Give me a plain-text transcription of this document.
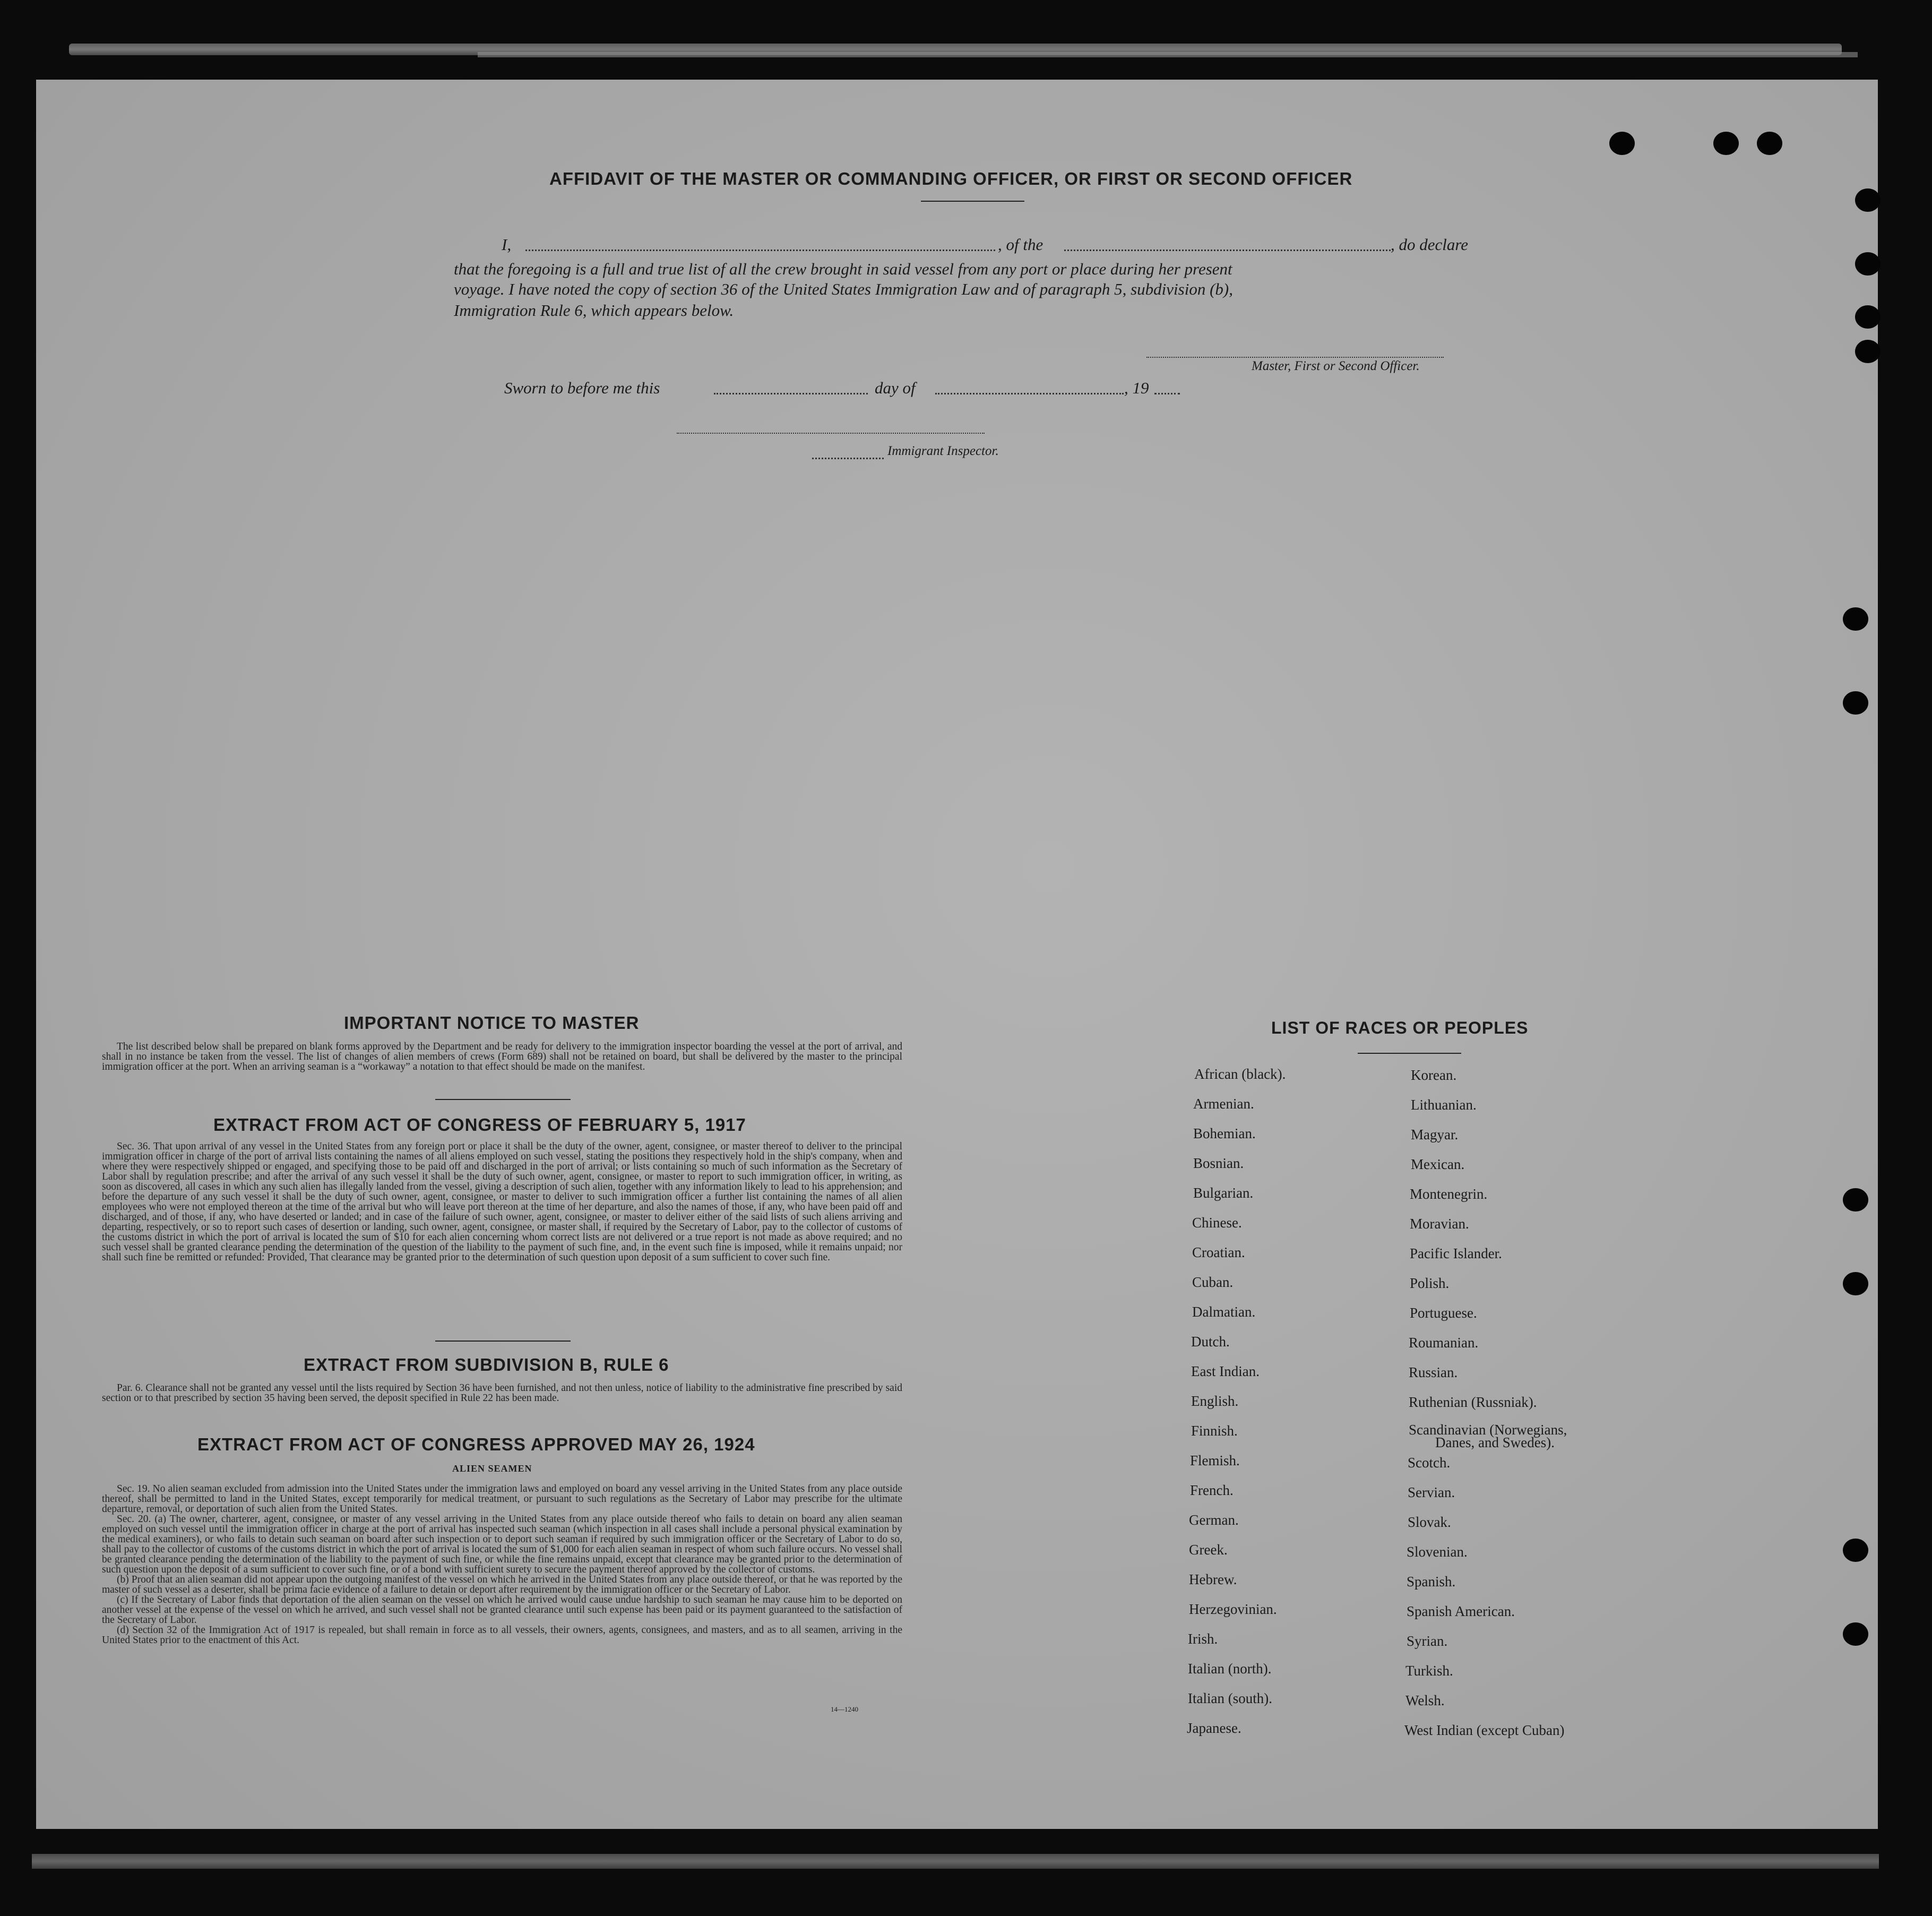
AFFIDAVIT OF THE MASTER OR COMMANDING OFFICER, OR FIRST OR SECOND OFFICER
I,	, of the	, do declare
that the foregoing is a full and true list of all the crew brought in said vessel from any port or place during her present
voyage. I have noted the copy of section 36 of the United States Immigration Law and of paragraph 5, subdivision (b),
Immigration Rule 6, which appears below.
Master, First or Second Officer.
Sworn to before me this	day of	, 19
Immigrant Inspector.
IMPORTANT NOTICE TO MASTER

The list described below shall be prepared on blank forms approved by the Department and be ready for delivery to the immigration inspector boarding the vessel at the port of arrival, and shall in no instance be taken from the vessel. The list of changes of alien members of crews (Form 689) shall not be retained on board, but shall be delivered by the master to the principal immigration officer at the port. When an arriving seaman is a “workaway” a notation to that effect should be made on the manifest.

EXTRACT FROM ACT OF CONGRESS OF FEBRUARY 5, 1917

Sec. 36. That upon arrival of any vessel in the United States from any foreign port or place it shall be the duty of the owner, agent, consignee, or master thereof to deliver to the principal immigration officer in charge of the port of arrival lists containing the names of all aliens employed on such vessel, stating the positions they respectively hold in the ship's company, when and where they were respectively shipped or engaged, and specifying those to be paid off and discharged in the port of arrival; or lists containing so much of such information as the Secretary of Labor shall by regulation prescribe; and after the arrival of any such vessel it shall be the duty of such owner, agent, consignee, or master to report to such immigration officer, in writing, as soon as discovered, all cases in which any such alien has illegally landed from the vessel, giving a description of such alien, together with any information likely to lead to his apprehension; and before the departure of any such vessel it shall be the duty of such owner, agent, consignee, or master to deliver to such immigration officer a further list containing the names of all alien employees who were not employed thereon at the time of the arrival but who will leave port thereon at the time of her departure, and also the names of those, if any, who have been paid off and discharged, and of those, if any, who have deserted or landed; and in case of the failure of such owner, agent, consignee, or master to deliver either of the said lists of such aliens arriving and departing, respectively, or so to report such cases of desertion or landing, such owner, agent, consignee, or master shall, if required by the Secretary of Labor, pay to the collector of customs of the customs district in which the port of arrival is located the sum of $10 for each alien concerning whom correct lists are not delivered or a true report is not made as above required; and no such vessel shall be granted clearance pending the determination of the question of the liability to the payment of such fine, and, in the event such fine is imposed, while it remains unpaid; nor shall such fine be remitted or refunded: Provided, That clearance may be granted prior to the determination of such question upon deposit of a sum sufficient to cover such fine.

EXTRACT FROM SUBDIVISION B, RULE 6

Par. 6. Clearance shall not be granted any vessel until the lists required by Section 36 have been furnished, and not then unless, notice of liability to the administrative fine prescribed by said section or to that prescribed by section 35 having been served, the deposit specified in Rule 22 has been made.

EXTRACT FROM ACT OF CONGRESS APPROVED MAY 26, 1924
ALIEN SEAMEN

Sec. 19. No alien seaman excluded from admission into the United States under the immigration laws and employed on board any vessel arriving in the United States from any place outside thereof, shall be permitted to land in the United States, except temporarily for medical treatment, or pursuant to such regulations as the Secretary of Labor may prescribe for the ultimate departure, removal, or deportation of such alien from the United States.

Sec. 20. (a) The owner, charterer, agent, consignee, or master of any vessel arriving in the United States from any place outside thereof who fails to detain on board any alien seaman employed on such vessel until the immigration officer in charge at the port of arrival has inspected such seaman (which inspection in all cases shall include a personal physical examination by the medical examiners), or who fails to detain such seaman on board after such inspection or to deport such seaman if required by such immigration officer or the Secretary of Labor to do so, shall pay to the collector of customs of the customs district in which the port of arrival is located the sum of $1,000 for each alien seaman in respect of whom such failure occurs. No vessel shall be granted clearance pending the determination of the liability to the payment of such fine, or while the fine remains unpaid, except that clearance may be granted prior to the determination of such question upon the deposit of a sum sufficient to cover such fine, or of a bond with sufficient surety to secure the payment thereof approved by the collector of customs.

(b) Proof that an alien seaman did not appear upon the outgoing manifest of the vessel on which he arrived in the United States from any place outside thereof, or that he was reported by the master of such vessel as a deserter, shall be prima facie evidence of a failure to detain or deport after requirement by the immigration officer or the Secretary of Labor.

(c) If the Secretary of Labor finds that deportation of the alien seaman on the vessel on which he arrived would cause undue hardship to such seaman he may cause him to be deported on another vessel at the expense of the vessel on which he arrived, and such vessel shall not be granted clearance until such expense has been paid or its payment guaranteed to the satisfaction of the Secretary of Labor.

(d) Section 32 of the Immigration Act of 1917 is repealed, but shall remain in force as to all vessels, their owners, agents, consignees, and masters, and as to all seamen, arriving in the United States prior to the enactment of this Act.

14—1240
LIST OF RACES OR PEOPLES
African (black).
Armenian.
Bohemian.
Bosnian.
Bulgarian.
Chinese.
Croatian.
Cuban.
Dalmatian.
Dutch.
East Indian.
English.
Finnish.
Flemish.
French.
German.
Greek.
Hebrew.
Herzegovinian.
Irish.
Italian (north).
Italian (south).
Japanese.
Korean.
Lithuanian.
Magyar.
Mexican.
Montenegrin.
Moravian.
Pacific Islander.
Polish.
Portuguese.
Roumanian.
Russian.
Ruthenian (Russniak).
Scandinavian (Norwegians,
Danes, and Swedes).
Scotch.
Servian.
Slovak.
Slovenian.
Spanish.
Spanish American.
Syrian.
Turkish.
Welsh.
West Indian (except Cuban)
